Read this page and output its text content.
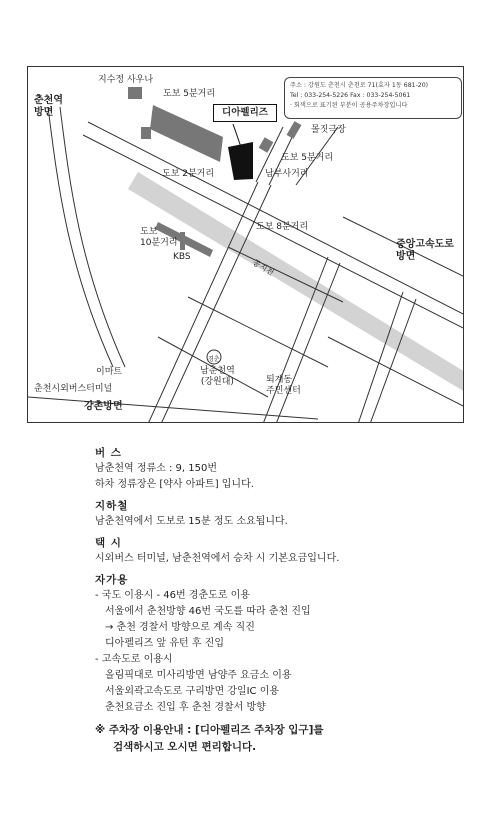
지수정 사우나
춘천역
방면
도보 5분거리
디아펠리즈
주소 : 강원도 춘천시 춘천로 71(효자 1동 681-20)
Tel : 033-254-5226 Fax : 033-254-5061
· 회색으로 표기된 부분이 공용주차장입니다
몰짓극장
도보 5분거리
도보 2분거리	남부사거리
도보
10분거리
KBS
도보 8분거리
공지천
중앙고속도로
방면
경춘
남춘천역
(강원대)
이마트
춘천시외버스터미널
퇴계동
주민센터
강촌방면
버 스

남춘천역 정류소 : 9, 150번

하차 정류장은 [약사 아파트] 입니다.

지하철

남춘천역에서 도보로 15분 정도 소요됩니다.

택 시

시외버스 터미널, 남춘천역에서 승차 시 기본요금입니다.

자가용

- 국도 이용시 - 46번 경춘도로 이용

서울에서 춘천방향 46번 국도를 따라 춘천 진입

→ 춘천 경찰서 방향으로 계속 직진

디아펠리즈 앞 유턴 후 진입

- 고속도로 이용시

올림픽대로 미사리방면 남양주 요금소 이용

서울외곽고속도로 구리방면 강일IC 이용

춘천요금소 진입 후 춘천 경찰서 방향

※ 주차장 이용안내 : [디아펠리즈 주차장 입구]를
검색하시고 오시면 편리합니다.
